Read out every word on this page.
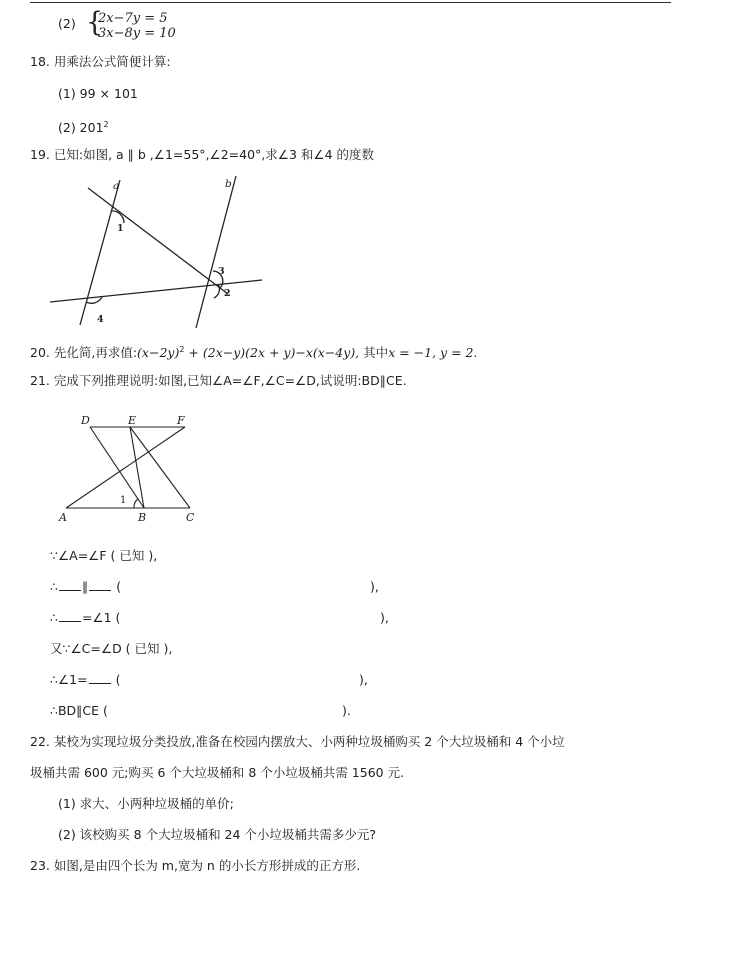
(2) {
2x−7y = 5
3x−8y = 10
18. 用乘法公式简便计算:
(1) 99 × 101
(2) $201^2$
19. 已知:如图, a ∥ b ,∠1=55°,∠2=40°,求∠3 和∠4 的度数
a	b
1
3
2
4
D	E	F
A	B	C
1
20. 先化简,再求值$:(x-2y)^2 + (2x-y)(2x + y)-x(x-4y)$, 其中x = −1, y = 2.
21. 完成下列推理说明:如图,已知∠A=∠F,∠C=∠D,试说明:BD∥CE.
∵∠A=∠F ( 已知 ),
∴ ∥ (	),
∴ =∠1 (	),
又∵∠C=∠D ( 已知 ),
∴∠1= (	),
∴BD∥CE (	).
22. 某校为实现垃圾分类投放,准备在校园内摆放大、小两种垃圾桶购买 2 个大垃圾桶和 4 个小垃
圾桶共需 600 元;购买 6 个大垃圾桶和 8 个小垃圾桶共需 1560 元.
(1) 求大、小两种垃圾桶的单价;
(2) 该校购买 8 个大垃圾桶和 24 个小垃圾桶共需多少元?
23. 如图,是由四个长为 m,宽为 n 的小长方形拼成的正方形.
